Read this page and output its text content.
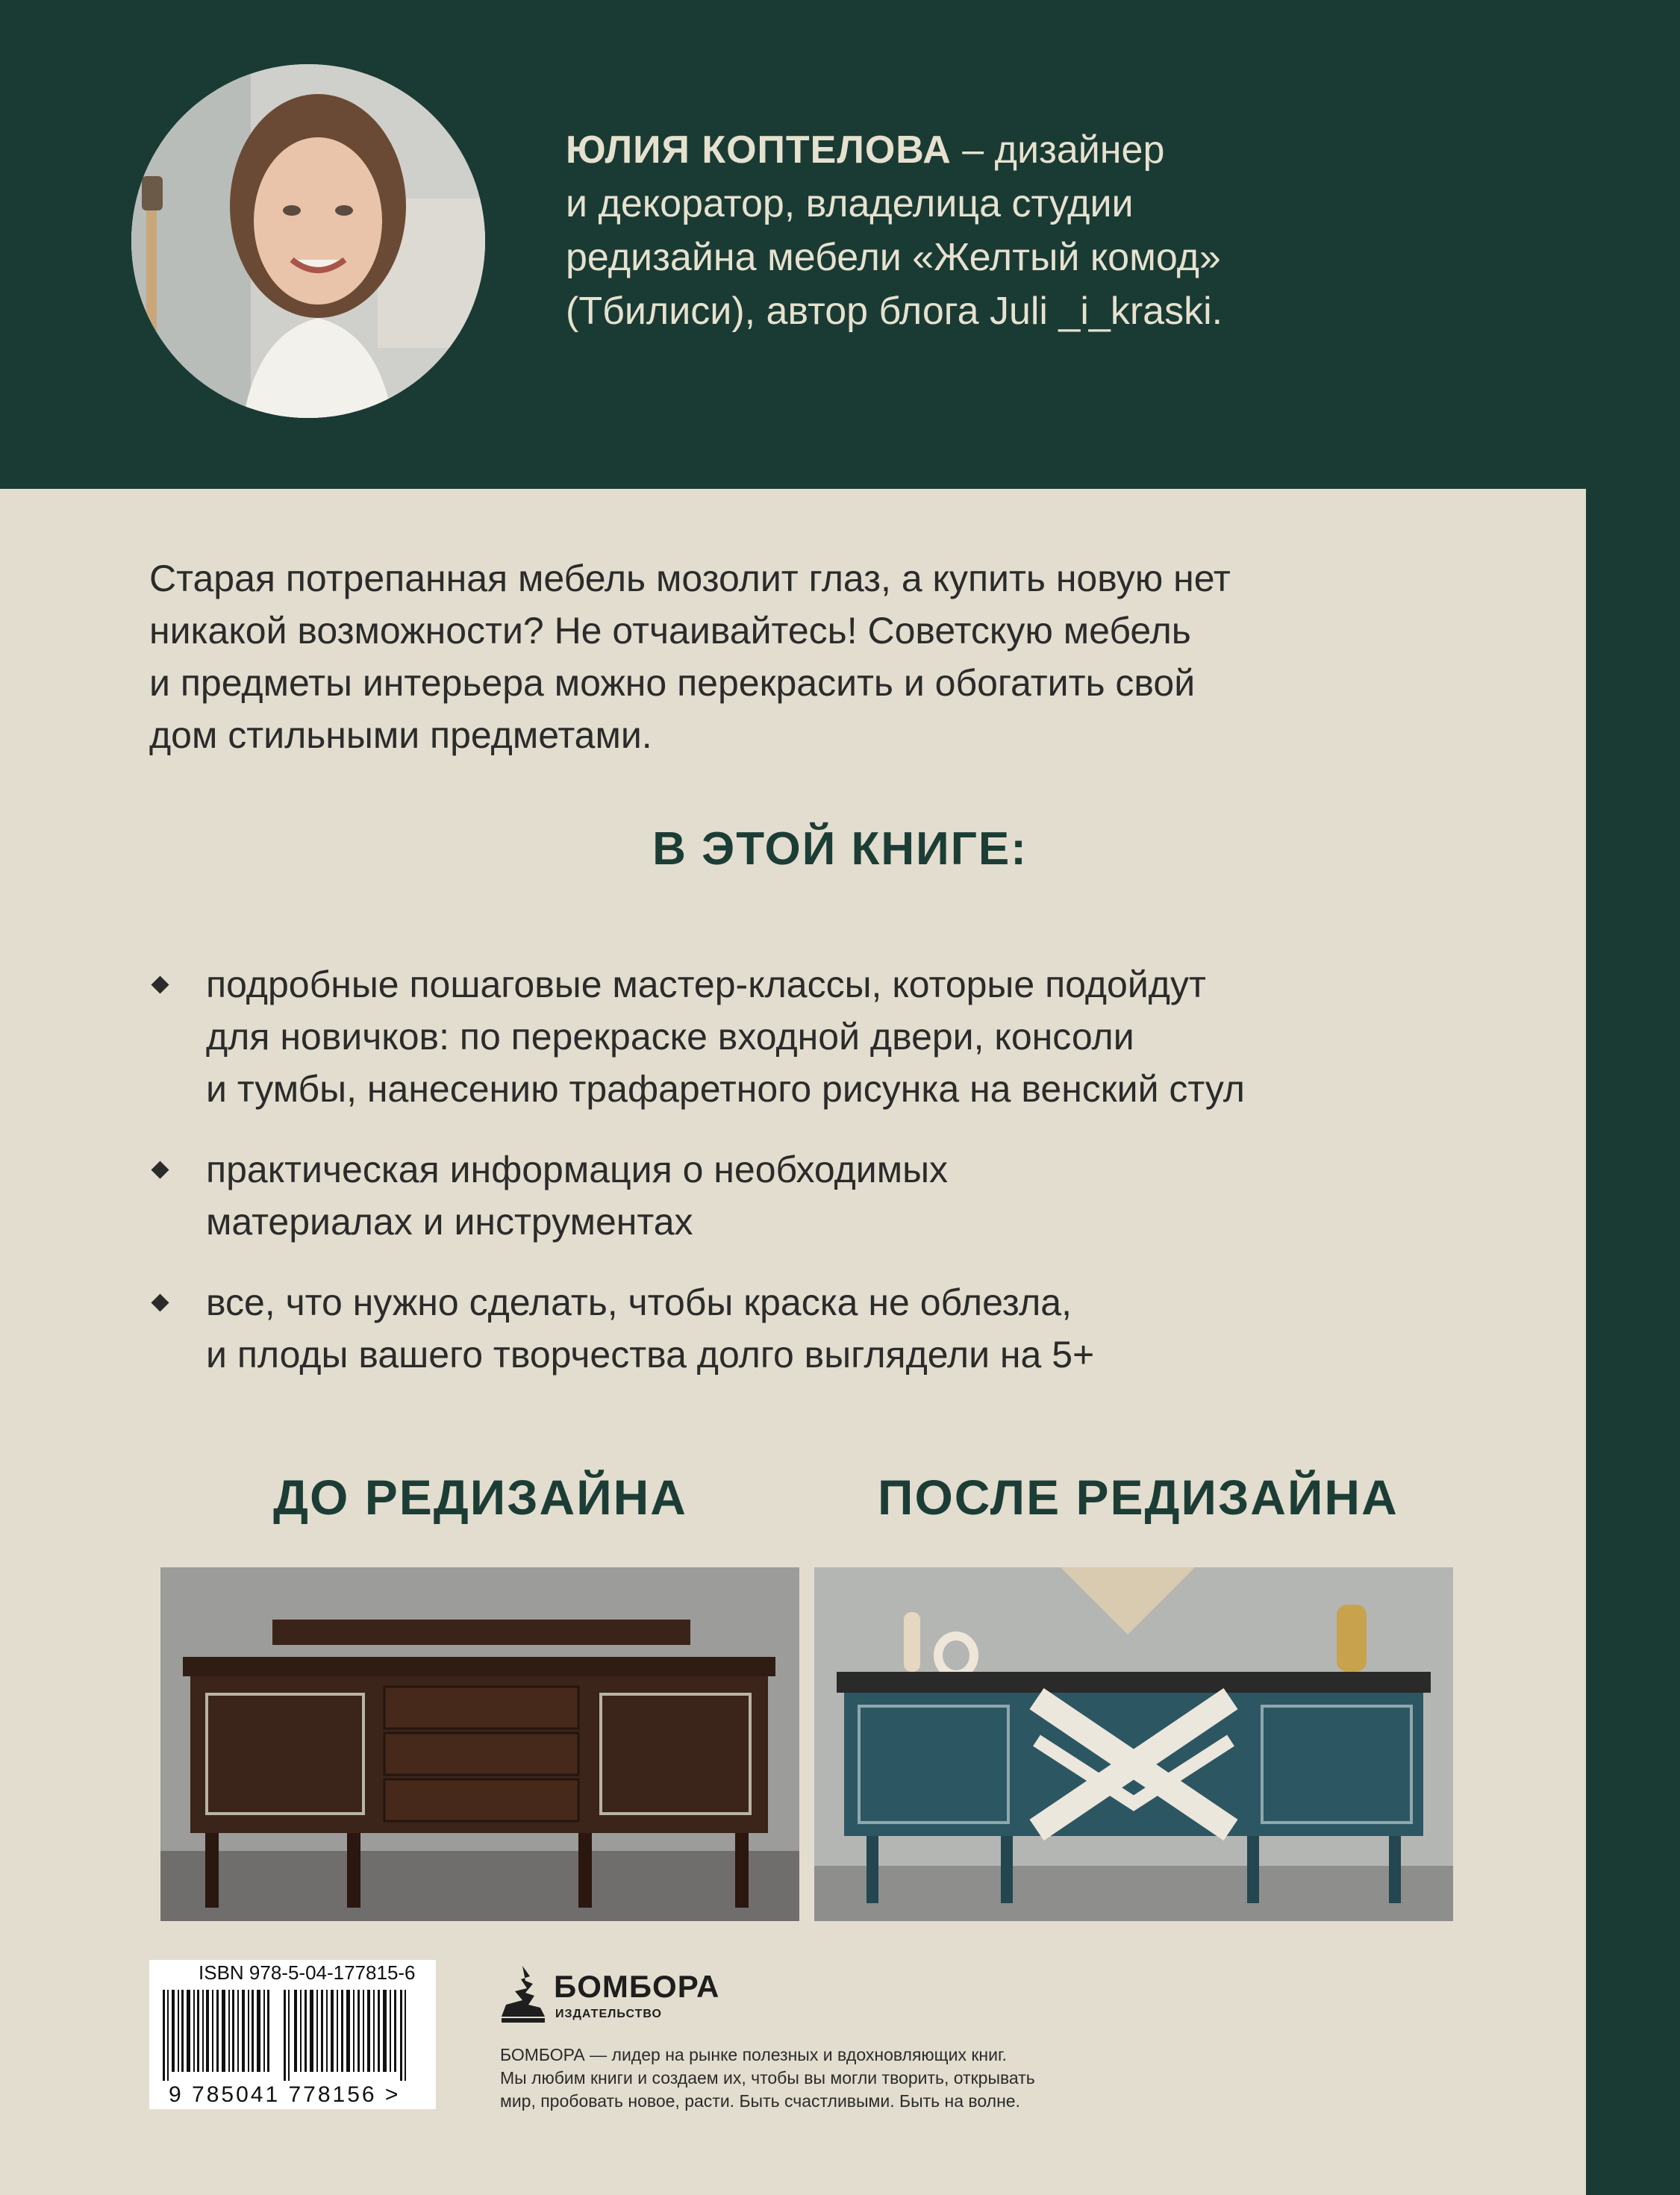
ЮЛИЯ КОПТЕЛОВА – дизайнер
и декоратор, владелица студии
редизайна мебели «Желтый комод»
(Тбилиси), автор блога Juli _i_kraski.
Старая потрепанная мебель мозолит глаз, а купить новую нет
никакой возможности? Не отчаивайтесь! Советскую мебель
и предметы интерьера можно перекрасить и обогатить свой
дом стильными предметами.
В ЭТОЙ КНИГЕ:
подробные пошаговые мастер-классы, которые подойдут
для новичков: по перекраске входной двери, консоли
и тумбы, нанесению трафаретного рисунка на венский стул
практическая информация о необходимых
материалах и инструментах
все, что нужно сделать, чтобы краска не облезла,
и плоды вашего творчества долго выглядели на 5+
ДО РЕДИЗАЙНА	ПОСЛЕ РЕДИЗАЙНА
ISBN 978-5-04-177815-6
9 785041 778156 >
БОМБОРА
ИЗДАТЕЛЬСТВО
БОМБОРА — лидер на рынке полезных и вдохновляющих книг.
Мы любим книги и создаем их, чтобы вы могли творить, открывать
мир, пробовать новое, расти. Быть счастливыми. Быть на волне.
